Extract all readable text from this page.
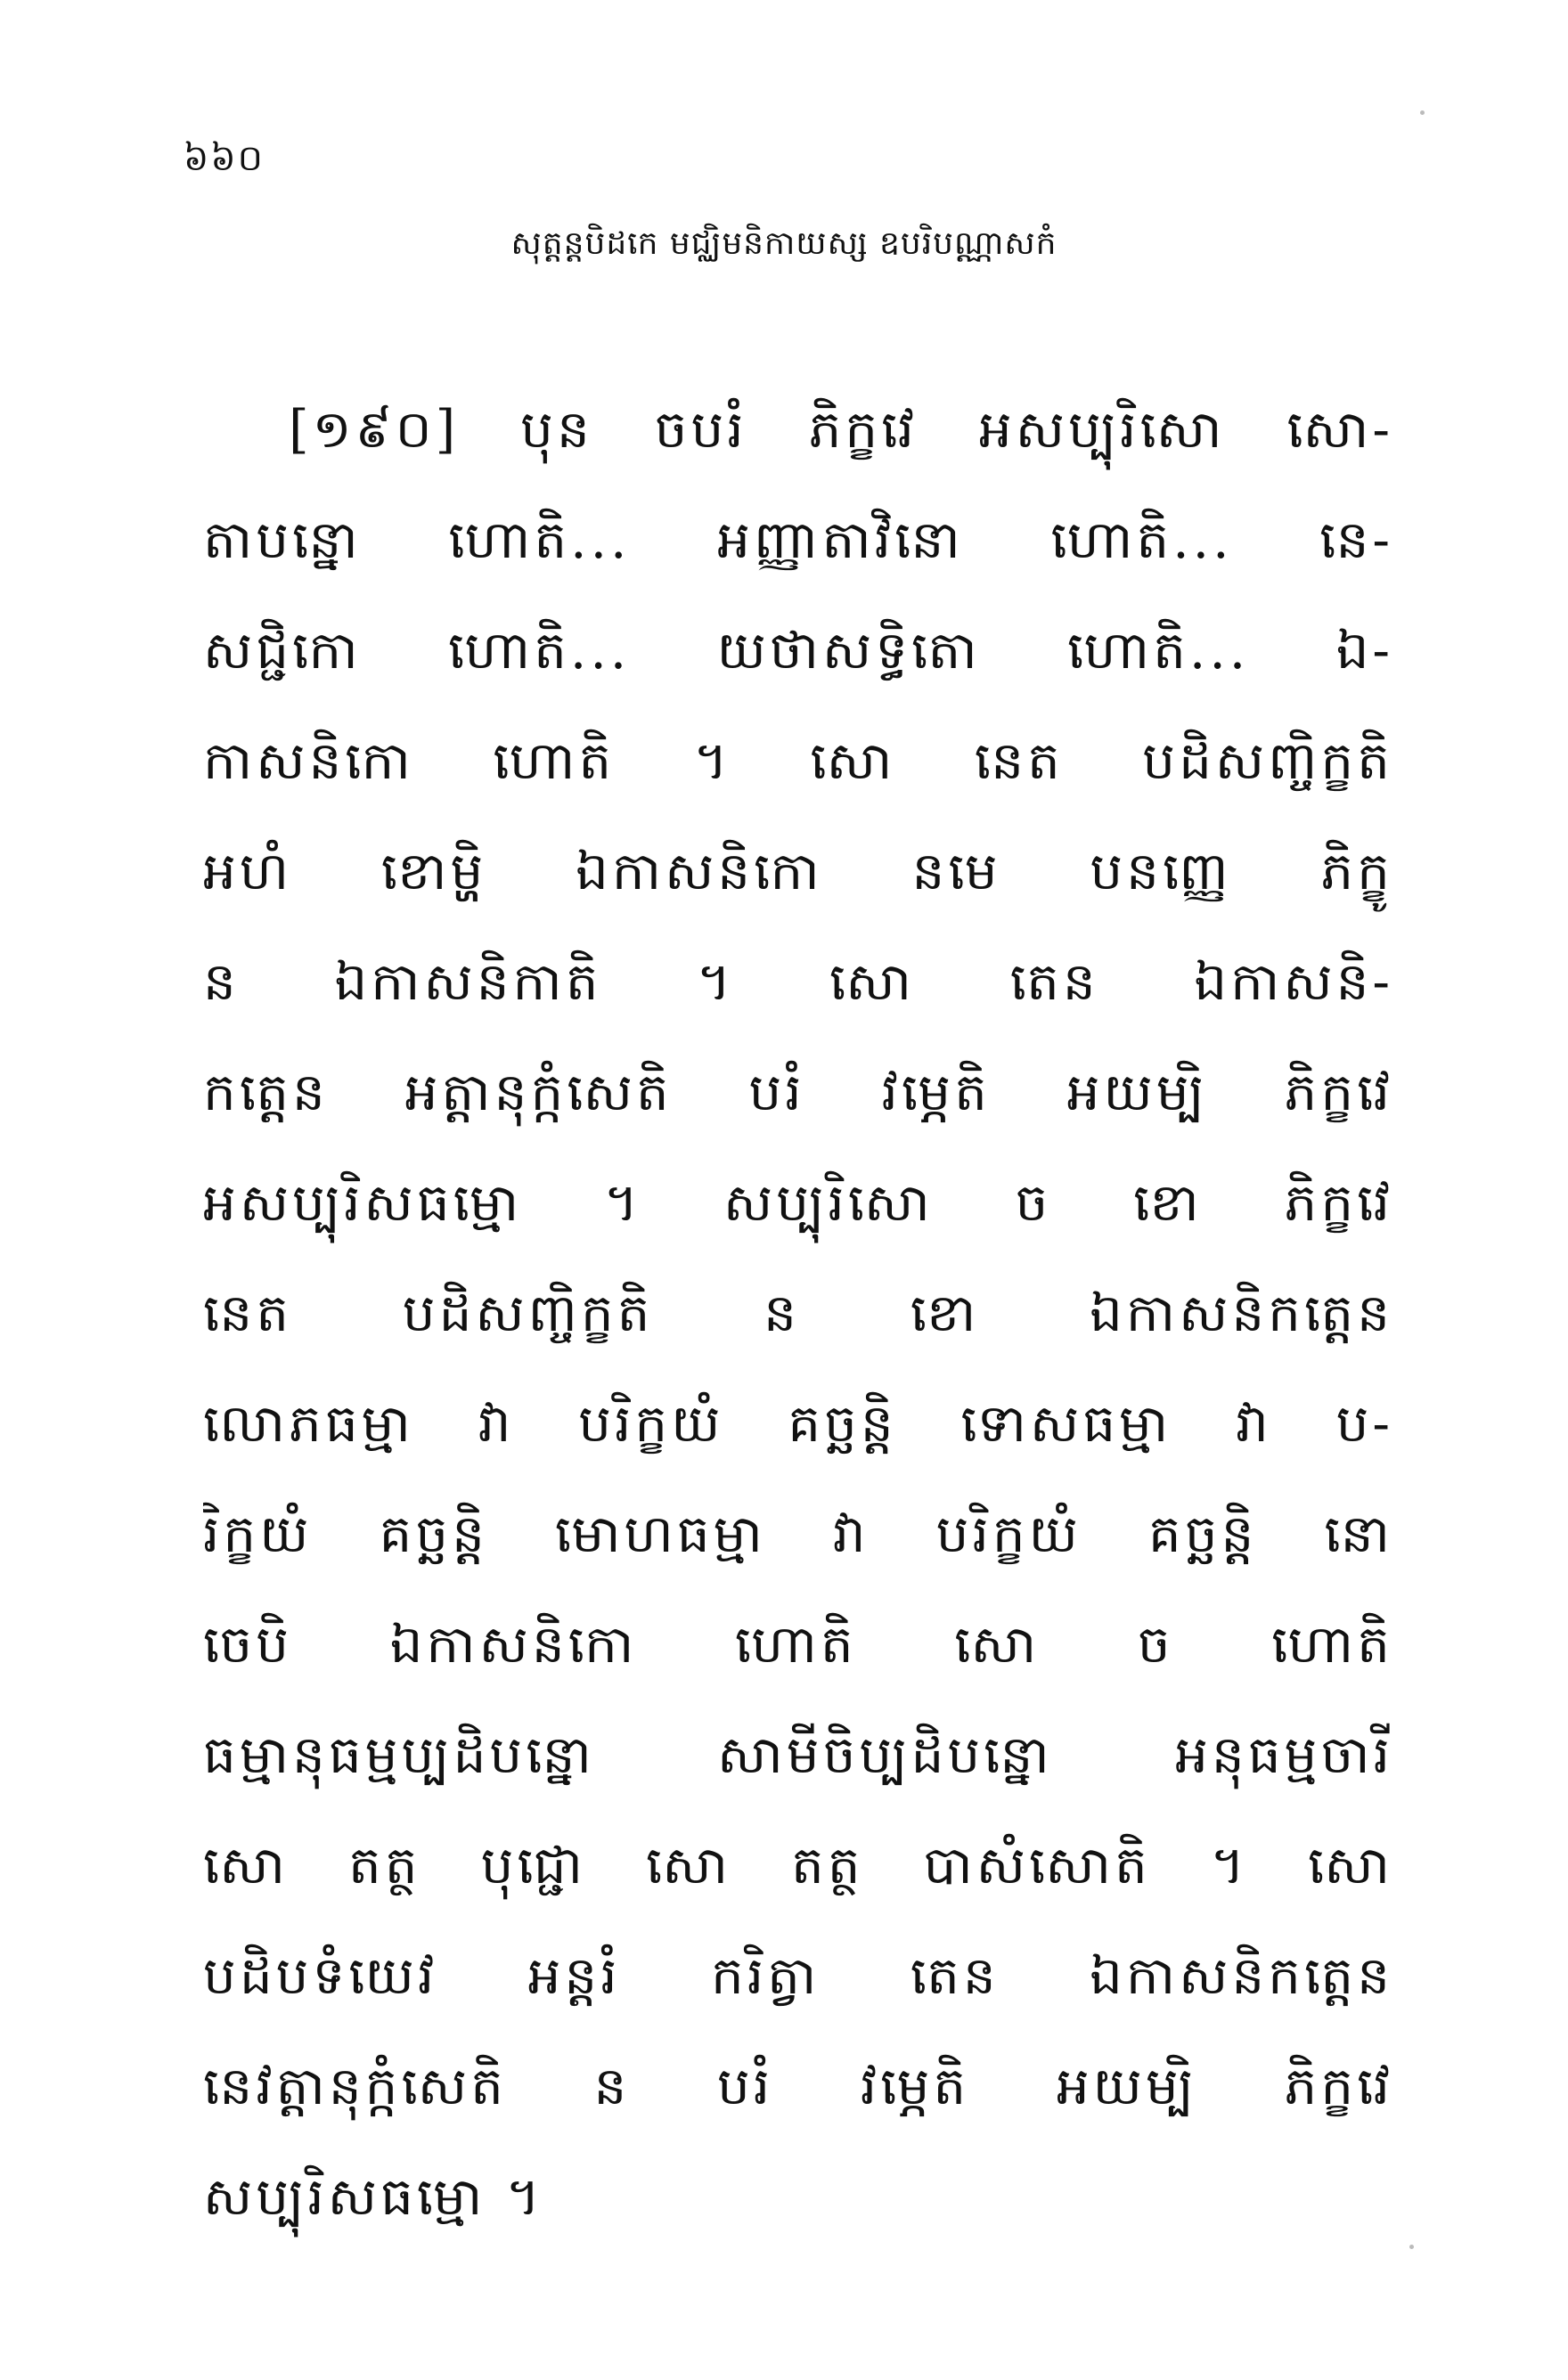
៦៦០
សុត្តន្តបិដកេ មជ្ឈិមនិកាយស្ស ឧបរិបណ្ណាសកំ
[១៩០] បុន ចបរំ ភិក្ខវេ អសប្បុរិសោ សោ-
តាបន្នោ ហោតិ... អញ្ញាតាវិនោ ហោតិ... នេ-
សជ្ជិកោ ហោតិ... យថាសទ្ធិតោ ហោតិ... ឯ-
កាសនិកោ ហោតិ ។ សោ នេត បដិសញ្ចិក្ខតិ
អហំ ខោម្ហិ ឯកាសនិកោ នមេ បនញ្ញេ ភិក្ខូ
ន ឯកាសនិកាតិ ។ សោ តេន ឯកាសនិ-
កត្តេន អត្តានុក្កំសេតិ បរំ វម្ភេតិ អយម្បិ ភិក្ខវេ
អសប្បុរិសធម្មោ ។ សប្បុរិសោ ច ខោ ភិក្ខវេ
នេត បដិសញ្ចិក្ខតិ ន ខោ ឯកាសនិកត្តេន
លោភធម្មា វា បរិក្ខយំ គច្ឆន្តិ ទោសធម្មា វា ប-
រិក្ខយំ គច្ឆន្តិ មោហធម្មា វា បរិក្ខយំ គច្ឆន្តិ នោ
ចេបិ ឯកាសនិកោ ហោតិ សោ ច ហោតិ
ធម្មានុធម្មប្បដិបន្នោ សាមីចិប្បដិបន្នោ អនុធម្មចារី
សោ តត្ថ បុជ្ជោ សោ តត្ថ បាសំសោតិ ។ សោ
បដិបទំយេវ អន្តរំ ករិត្វា តេន ឯកាសនិកត្តេន
នេវត្តានុក្កំសេតិ ន បរំ វម្ភេតិ អយម្បិ ភិក្ខវេ
សប្បុរិសធម្មោ ។
